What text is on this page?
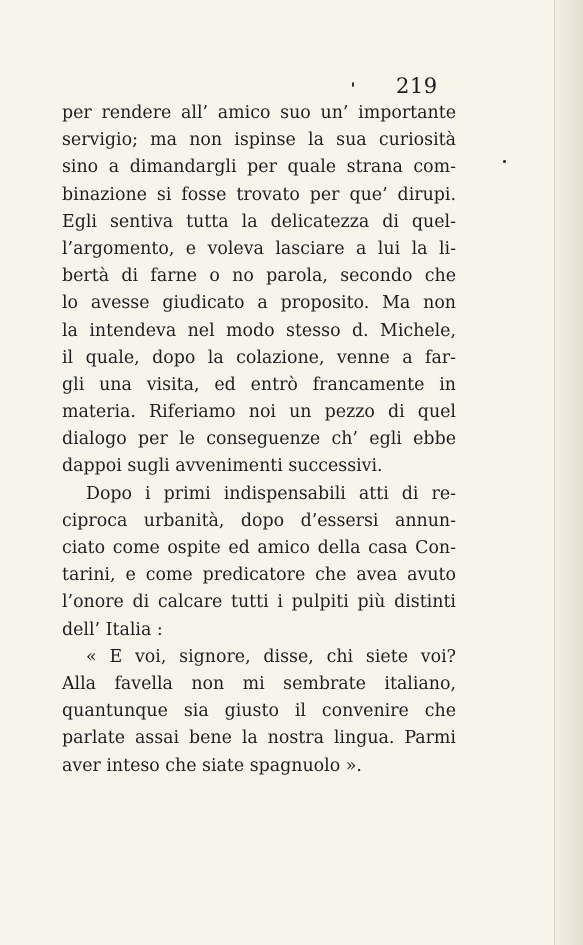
219
per rendere all’ amico suo un’ importante
servigio; ma non ispinse la sua curiosità
sino a dimandargli per quale strana com-
binazione si fosse trovato per que’ dirupi.
Egli sentiva tutta la delicatezza di quel-
l’argomento, e voleva lasciare a lui la li-
bertà di farne o no parola, secondo che
lo avesse giudicato a proposito. Ma non
la intendeva nel modo stesso d. Michele,
il quale, dopo la colazione, venne a far-
gli una visita, ed entrò francamente in
materia. Riferiamo noi un pezzo di quel
dialogo per le conseguenze ch’ egli ebbe
dappoi sugli avvenimenti successivi.
Dopo i primi indispensabili atti di re-
ciproca urbanità, dopo d’essersi annun-
ciato come ospite ed amico della casa Con-
tarini, e come predicatore che avea avuto
l’onore di calcare tutti i pulpiti più distinti
dell’ Italia :
« E voi, signore, disse, chi siete voi?
Alla favella non mi sembrate italiano,
quantunque sia giusto il convenire che
parlate assai bene la nostra lingua. Parmi
aver inteso che siate spagnuolo ».
